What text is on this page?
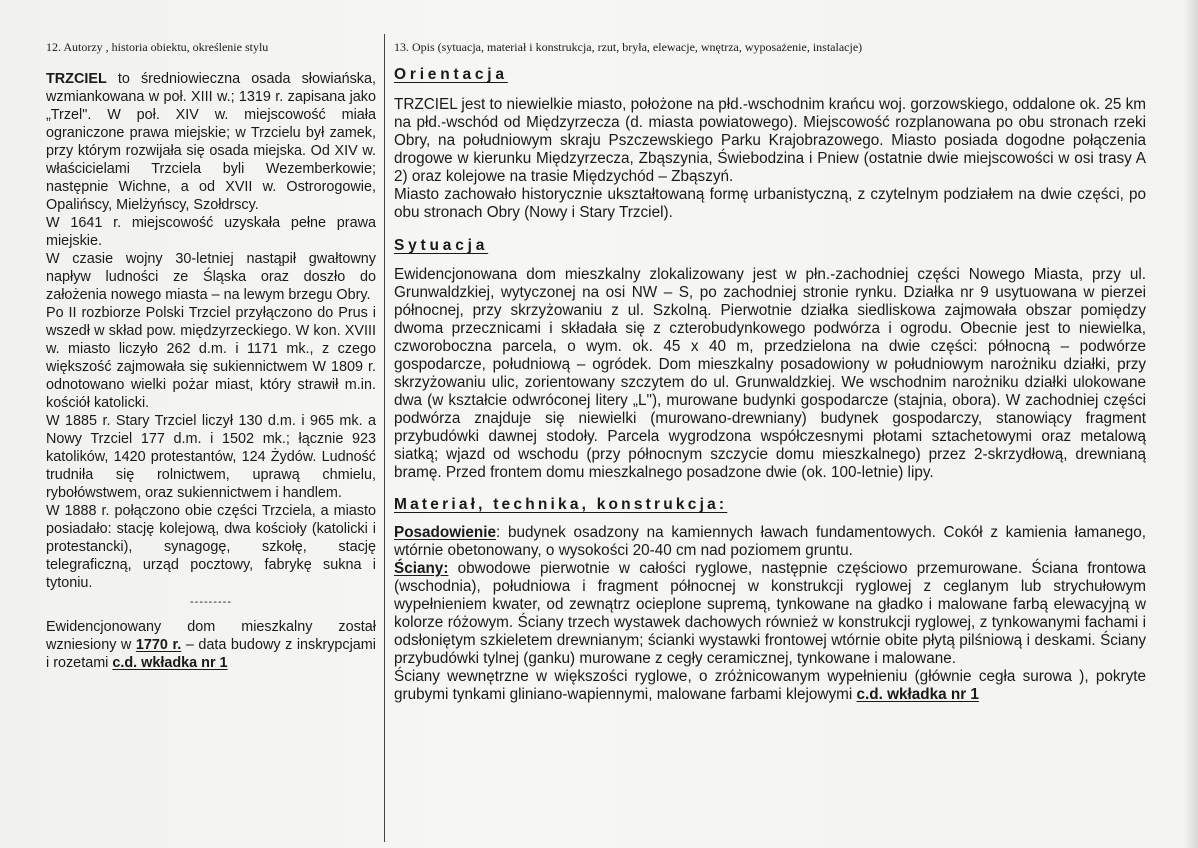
12. Autorzy , historia obiektu, określenie stylu

TRZCIEL to średniowieczna osada słowiańska, wzmiankowana w poł. XIII w.; 1319 r. zapisana jako „Trzel". W poł. XIV w. miejscowość miała ograniczone prawa miejskie; w Trzcielu był zamek, przy którym rozwijała się osada miejska. Od XIV w. właścicielami Trzciela byli Wezemberkowie; następnie Wichne, a od XVII w. Ostrorogowie, Opalińscy, Mielżyńscy, Szołdrscy.

W 1641 r. miejscowość uzyskała pełne prawa miejskie.

W czasie wojny 30-letniej nastąpił gwałtowny napływ ludności ze Śląska oraz doszło do założenia nowego miasta – na lewym brzegu Obry.

Po II rozbiorze Polski Trzciel przyłączono do Prus i wszedł w skład pow. międzyrzeckiego. W kon. XVIII w. miasto liczyło 262 d.m. i 1171 mk., z czego większość zajmowała się sukiennictwem W 1809 r. odnotowano wielki pożar miast, który strawił m.in. kościół katolicki.

W 1885 r. Stary Trzciel liczył 130 d.m. i 965 mk. a Nowy Trzciel 177 d.m. i 1502 mk.; łącznie 923 katolików, 1420 protestantów, 124 Żydów. Ludność trudniła się rolnictwem, uprawą chmielu, rybołówstwem, oraz sukiennictwem i handlem.

W 1888 r. połączono obie części Trzciela, a miasto posiadało: stację kolejową, dwa kościoły (katolicki i protestancki), synagogę, szkołę, stację telegraficzną, urząd pocztowy, fabrykę sukna i tytoniu.

---------

Ewidencjonowany dom mieszkalny został wzniesiony w 1770 r. – data budowy z inskrypcjami i rozetami c.d. wkładka nr 1

13. Opis (sytuacja, materiał i konstrukcja, rzut, bryła, elewacje, wnętrza, wyposażenie, instalacje)
Orientacja

TRZCIEL jest to niewielkie miasto, położone na płd.-wschodnim krańcu woj. gorzowskiego, oddalone ok. 25 km na płd.-wschód od Międzyrzecza (d. miasta powiatowego). Miejscowość rozplanowana po obu stronach rzeki Obry, na południowym skraju Pszczewskiego Parku Krajobrazowego. Miasto posiada dogodne połączenia drogowe w kierunku Międzyrzecza, Zbąszynia, Świebodzina i Pniew (ostatnie dwie miejscowości w osi trasy A 2) oraz kolejowe na trasie Międzychód – Zbąszyń.

Miasto zachowało historycznie ukształtowaną formę urbanistyczną, z czytelnym podziałem na dwie części, po obu stronach Obry (Nowy i Stary Trzciel).

Sytuacja

Ewidencjonowana dom mieszkalny zlokalizowany jest w płn.-zachodniej części Nowego Miasta, przy ul. Grunwaldzkiej, wytyczonej na osi NW – S, po zachodniej stronie rynku. Działka nr 9 usytuowana w pierzei północnej, przy skrzyżowaniu z ul. Szkolną. Pierwotnie działka siedliskowa zajmowała obszar pomiędzy dwoma przecznicami i składała się z czterobudynkowego podwórza i ogrodu. Obecnie jest to niewielka, czworoboczna parcela, o wym. ok. 45 x 40 m, przedzielona na dwie części: północną – podwórze gospodarcze, południową – ogródek. Dom mieszkalny posadowiony w południowym narożniku działki, przy skrzyżowaniu ulic, zorientowany szczytem do ul. Grunwaldzkiej. We wschodnim narożniku działki ulokowane dwa (w kształcie odwróconej litery „L"), murowane budynki gospodarcze (stajnia, obora). W zachodniej części podwórza znajduje się niewielki (murowano-drewniany) budynek gospodarczy, stanowiący fragment przybudówki dawnej stodoły. Parcela wygrodzona współczesnymi płotami sztachetowymi oraz metalową siatką; wjazd od wschodu (przy północnym szczycie domu mieszkalnego) przez 2-skrzydłową, drewnianą bramę. Przed frontem domu mieszkalnego posadzone dwie (ok. 100-letnie) lipy.

Materiał, technika, konstrukcja:

Posadowienie: budynek osadzony na kamiennych ławach fundamentowych. Cokół z kamienia łamanego, wtórnie obetonowany, o wysokości 20-40 cm nad poziomem gruntu.

Ściany: obwodowe pierwotnie w całości ryglowe, następnie częściowo przemurowane. Ściana frontowa (wschodnia), południowa i fragment północnej w konstrukcji ryglowej z ceglanym lub strychułowym wypełnieniem kwater, od zewnątrz ocieplone supremą, tynkowane na gładko i malowane farbą elewacyjną w kolorze różowym. Ściany trzech wystawek dachowych również w konstrukcji ryglowej, z tynkowanymi fachami i odsłoniętym szkieletem drewnianym; ścianki wystawki frontowej wtórnie obite płytą pilśniową i deskami. Ściany przybudówki tylnej (ganku) murowane z cegły ceramicznej, tynkowane i malowane.

Ściany wewnętrzne w większości ryglowe, o zróżnicowanym wypełnieniu (głównie cegła surowa ), pokryte grubymi tynkami gliniano-wapiennymi, malowane farbami klejowymi c.d. wkładka nr 1
